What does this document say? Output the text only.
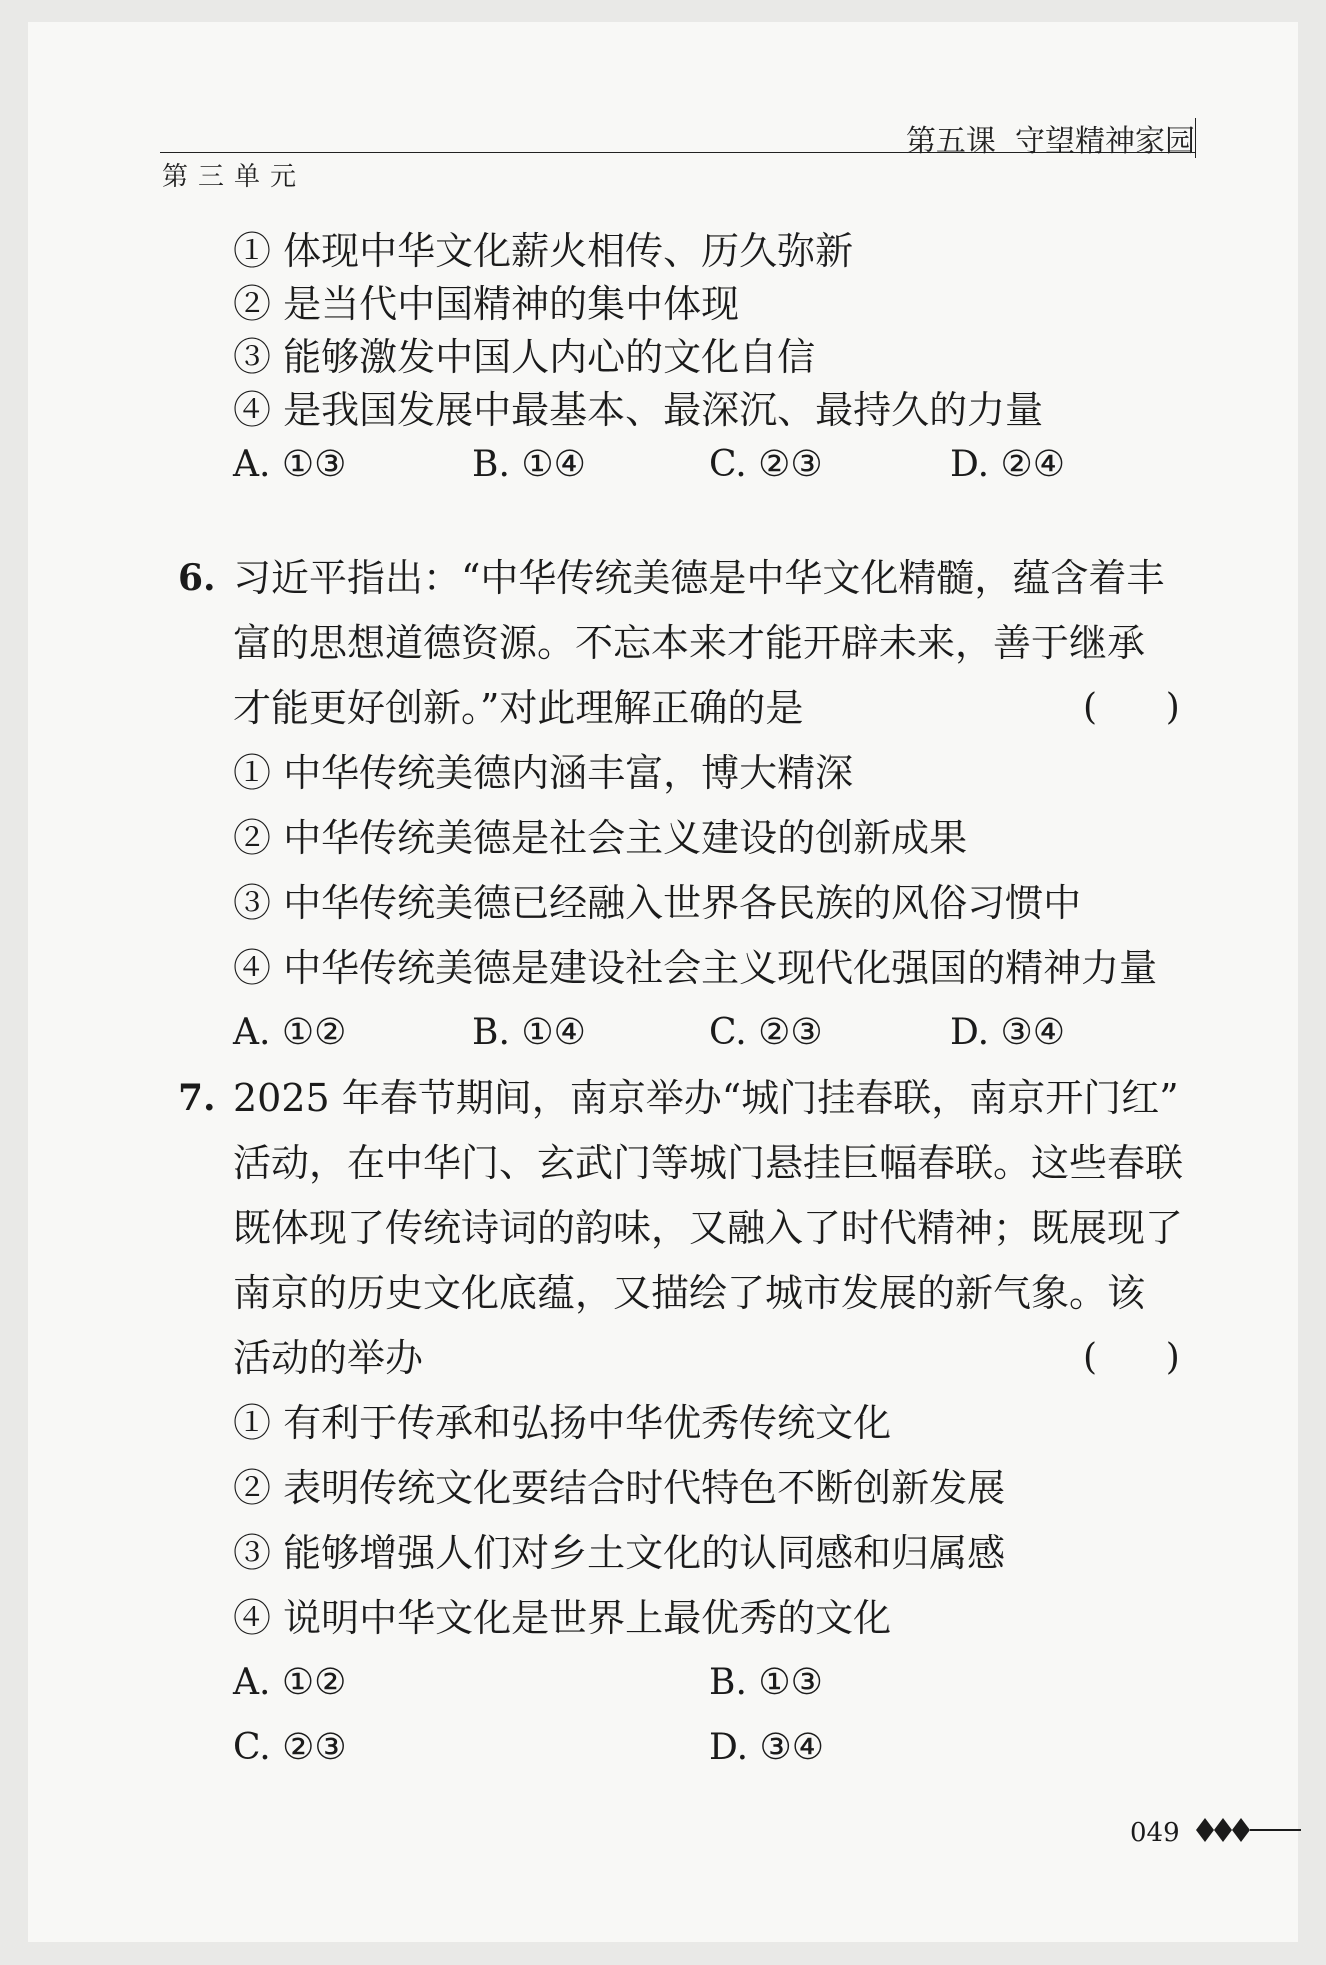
第五课  守望精神家园
第三单元
① 体现中华文化薪火相传、历久弥新
② 是当代中国精神的集中体现
③ 能够激发中国人内心的文化自信
④ 是我国发展中最基本、最深沉、最持久的力量
A. ①③	B. ①④	C. ②③	D. ②④
6. 习近平指出：“中华传统美德是中华文化精髓，蕴含着丰
富的思想道德资源。不忘本来才能开辟未来，善于继承
才能更好创新。”对此理解正确的是	(      )
① 中华传统美德内涵丰富，博大精深
② 中华传统美德是社会主义建设的创新成果
③ 中华传统美德已经融入世界各民族的风俗习惯中
④ 中华传统美德是建设社会主义现代化强国的精神力量
A. ①②	B. ①④	C. ②③	D. ③④
7. 2025 年春节期间，南京举办“城门挂春联，南京开门红”
活动，在中华门、玄武门等城门悬挂巨幅春联。这些春联
既体现了传统诗词的韵味，又融入了时代精神；既展现了
南京的历史文化底蕴，又描绘了城市发展的新气象。该
活动的举办	(      )
① 有利于传承和弘扬中华优秀传统文化
② 表明传统文化要结合时代特色不断创新发展
③ 能够增强人们对乡土文化的认同感和归属感
④ 说明中华文化是世界上最优秀的文化
A. ①②	B. ①③
C. ②③	D. ③④
049
